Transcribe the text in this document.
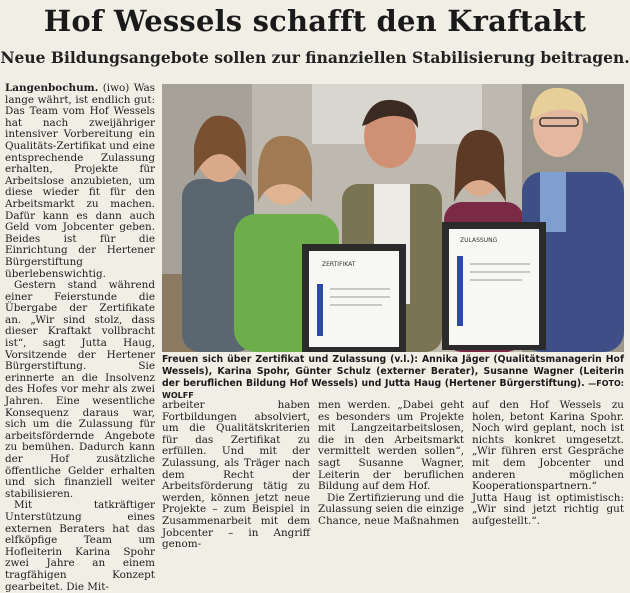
Hof Wessels schafft den Kraftakt
Neue Bildungsangebote sollen zur finanziellen Stabilisierung beitragen.

Langenbochum. (iwo) Was lange währt, ist endlich gut: Das Team vom Hof Wessels hat nach zweijähriger intensiver Vorbereitung ein Qualitäts-Zertifikat und eine entsprechende Zulassung erhalten, Projekte für Arbeitslose anzubieten, um diese wieder fit für den Arbeitsmarkt zu machen. Dafür kann es dann auch Geld vom Jobcenter geben. Beides ist für die Einrichtung der Hertener Bürgerstiftung überlebenswichtig.

Gestern stand während einer Feierstunde die Übergabe der Zertifikate an. „Wir sind stolz, dass dieser Kraftakt vollbracht ist“, sagt Jutta Haug, Vorsitzende der Hertener Bürgerstiftung. Sie erinnerte an die Insolvenz des Hofes vor mehr als zwei Jahren. Eine wesentliche Konsequenz daraus war, sich um die Zulassung für arbeitsfördernde Angebote zu bemühen. Dadurch kann der Hof zusätzliche öffentliche Gelder erhalten und sich finanziell weiter stabilisieren.

Mit tatkräftiger Unterstützung eines externen Beraters hat das elfköpfige Team um Hofleiterin Karina Spohr zwei Jahre an einem tragfähigen Konzept gearbeitet. Die Mit-

ZERTIFIKAT
ZULASSUNG
Freuen sich über Zertifikat und Zulassung (v.l.): Annika Jäger (Qualitätsmanagerin Hof Wessels), Karina Spohr, Günter Schulz (externer Berater), Susanne Wagner (Leiterin der beruflichen Bildung Hof Wessels) und Jutta Haug (Hertener Bürgerstiftung). —FOTO: WOLFF

arbeiter haben Fortbildungen absolviert, um die Qualitätskriterien für das Zertifikat zu erfüllen. Und mit der Zulassung, als Träger nach dem Recht der Arbeitsförderung tätig zu werden, können jetzt neue Projekte – zum Beispiel in Zusammenarbeit mit dem Jobcenter – in Angriff genom-

men werden. „Dabei geht es besonders um Projekte mit Langzeitarbeitslosen, die in den Arbeitsmarkt vermittelt werden sollen“, sagt Susanne Wagner, Leiterin der beruflichen Bildung auf dem Hof.

Die Zertifizierung und die Zulassung seien die einzige Chance, neue Maßnahmen

auf den Hof Wessels zu holen, betont Karina Spohr. Noch wird geplant, noch ist nichts konkret umgesetzt. „Wir führen erst Gespräche mit dem Jobcenter und anderen möglichen Kooperationspartnern.“ Jutta Haug ist optimistisch: „Wir sind jetzt richtig gut aufgestellt.“.
